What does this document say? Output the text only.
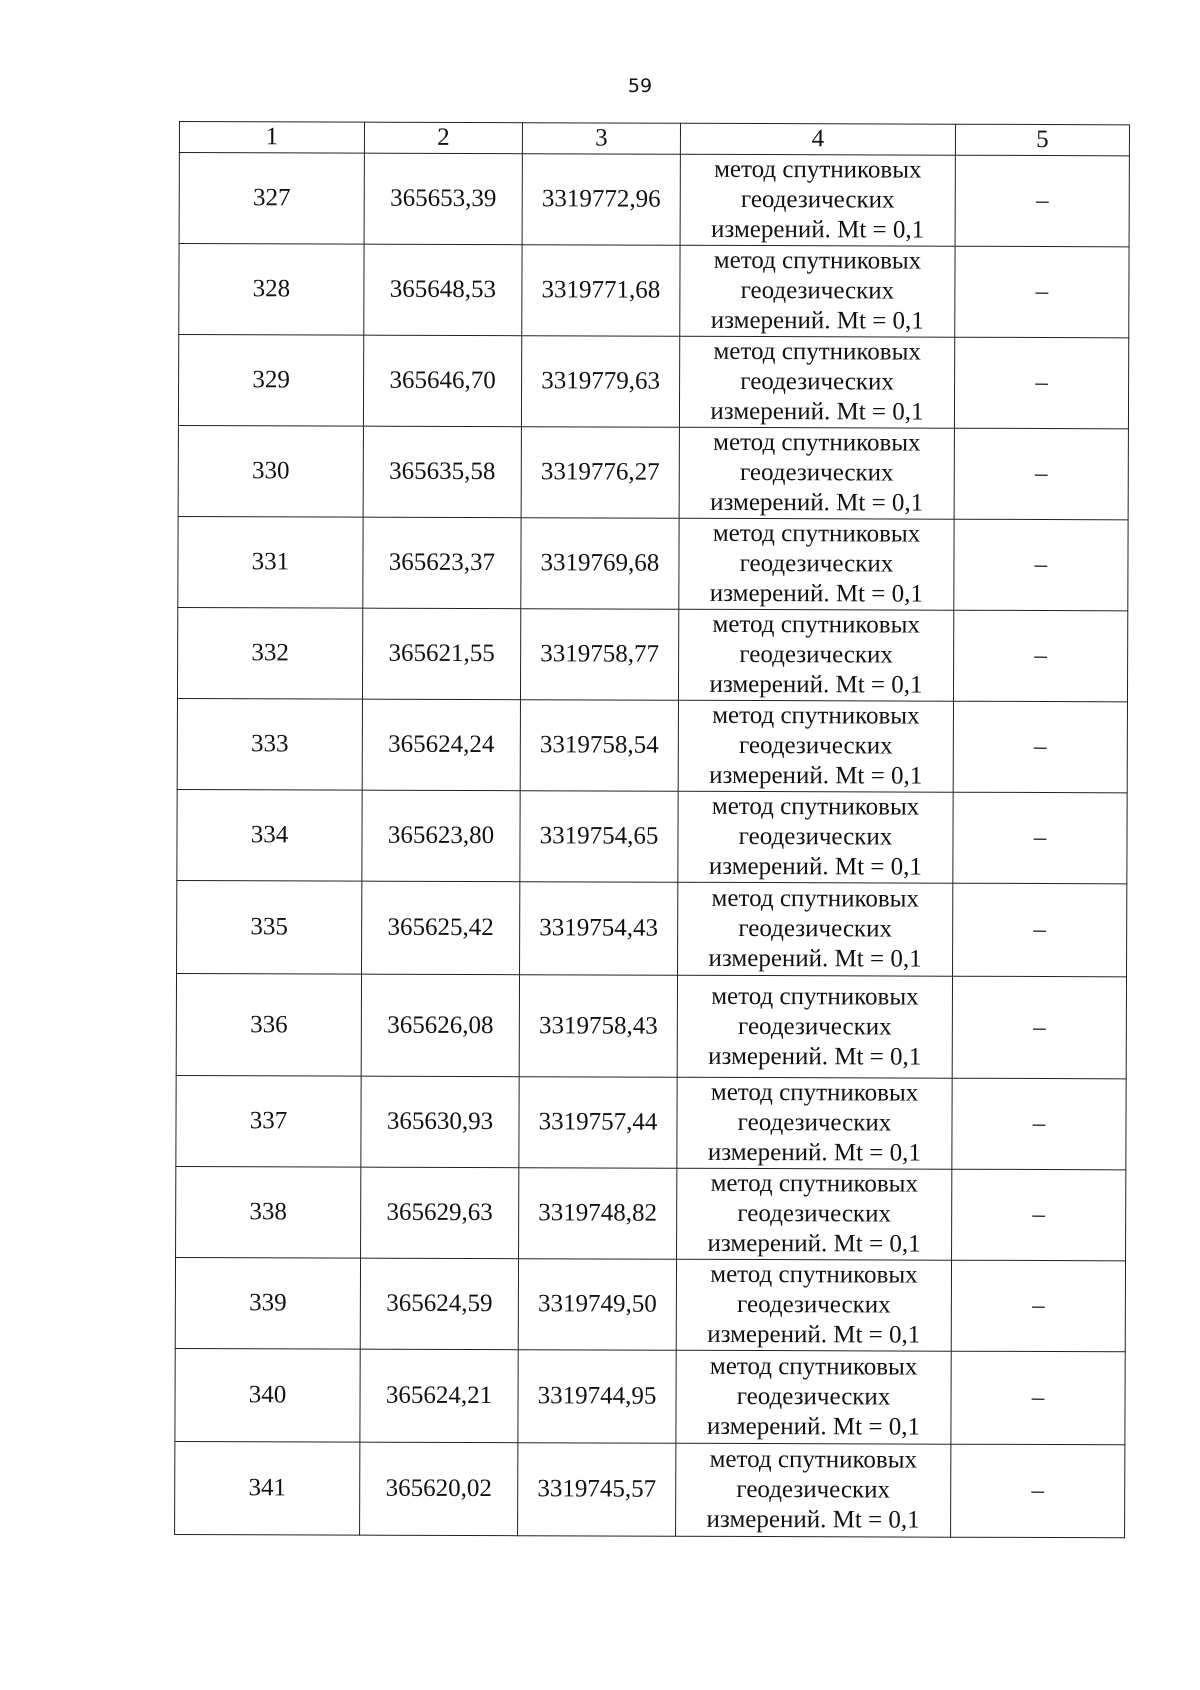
59
1	2	3	4	5
327	365653,39	3319772,96	метод спутниковых
геодезических
измерений. Mt = 0,1	–
328	365648,53	3319771,68	метод спутниковых
геодезических
измерений. Mt = 0,1	–
329	365646,70	3319779,63	метод спутниковых
геодезических
измерений. Mt = 0,1	–
330	365635,58	3319776,27	метод спутниковых
геодезических
измерений. Mt = 0,1	–
331	365623,37	3319769,68	метод спутниковых
геодезических
измерений. Mt = 0,1	–
332	365621,55	3319758,77	метод спутниковых
геодезических
измерений. Mt = 0,1	–
333	365624,24	3319758,54	метод спутниковых
геодезических
измерений. Mt = 0,1	–
334	365623,80	3319754,65	метод спутниковых
геодезических
измерений. Mt = 0,1	–
335	365625,42	3319754,43	метод спутниковых
геодезических
измерений. Mt = 0,1	–
336	365626,08	3319758,43	метод спутниковых
геодезических
измерений. Mt = 0,1	–
337	365630,93	3319757,44	метод спутниковых
геодезических
измерений. Mt = 0,1	–
338	365629,63	3319748,82	метод спутниковых
геодезических
измерений. Mt = 0,1	–
339	365624,59	3319749,50	метод спутниковых
геодезических
измерений. Mt = 0,1	–
340	365624,21	3319744,95	метод спутниковых
геодезических
измерений. Mt = 0,1	–
341	365620,02	3319745,57	метод спутниковых
геодезических
измерений. Mt = 0,1	–
